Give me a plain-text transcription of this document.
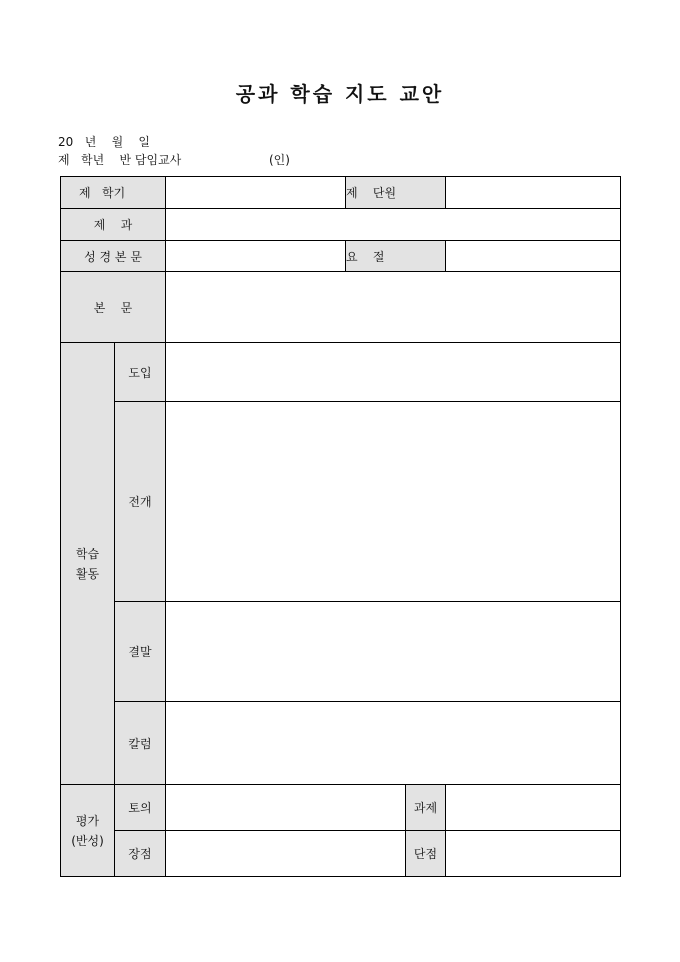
공과 학습 지도 교안
20   년    월    일
제   학년    반 담임교사                       (인)
제   학기			제    단원		
제    과					
성 경 본 문			요    절		
본    문					

학습
활동	도입				
	전개				
	결말				
	칼럼				

평가
(반성)	토의			과제	
	장점			단점	
